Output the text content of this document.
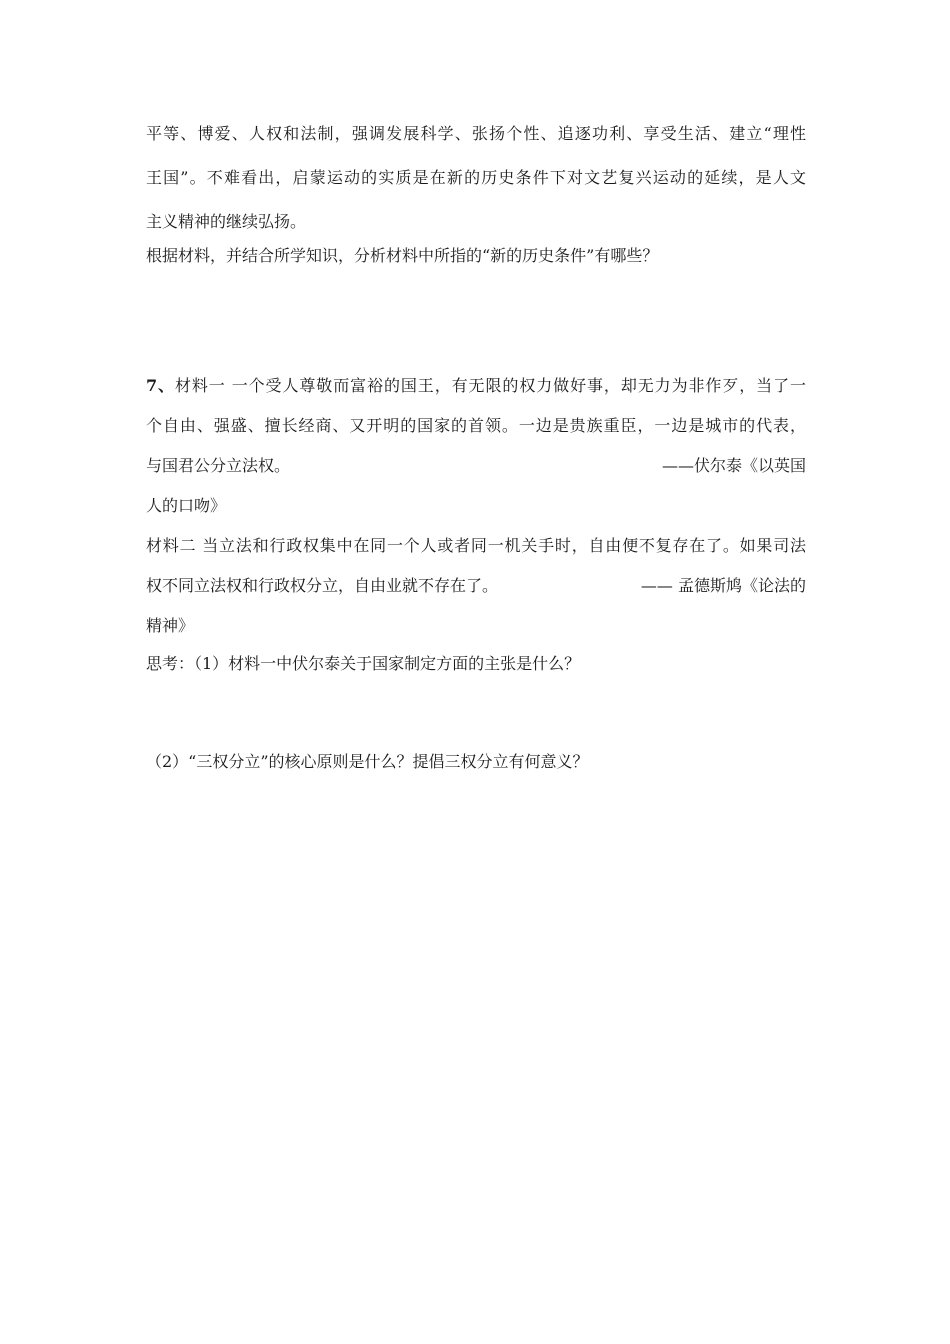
平等、博爱、人权和法制，强调发展科学、张扬个性、追逐功利、享受生活、建立“理性
王国”。不难看出，启蒙运动的实质是在新的历史条件下对文艺复兴运动的延续，是人文
主义精神的继续弘扬。
根据材料，并结合所学知识，分析材料中所指的“新的历史条件”有哪些？
7、材料一 一个受人尊敬而富裕的国王，有无限的权力做好事，却无力为非作歹，当了一
个自由、强盛、擅长经商、又开明的国家的首领。一边是贵族重臣，一边是城市的代表，
与国君公分立法权。	——伏尔泰《以英国
人的口吻》
材料二 当立法和行政权集中在同一个人或者同一机关手时，自由便不复存在了。如果司法
权不同立法权和行政权分立，自由业就不存在了。	—— 孟德斯鸠《论法的
精神》
思考：（1）材料一中伏尔泰关于国家制定方面的主张是什么？
（2）“三权分立”的核心原则是什么？提倡三权分立有何意义？
